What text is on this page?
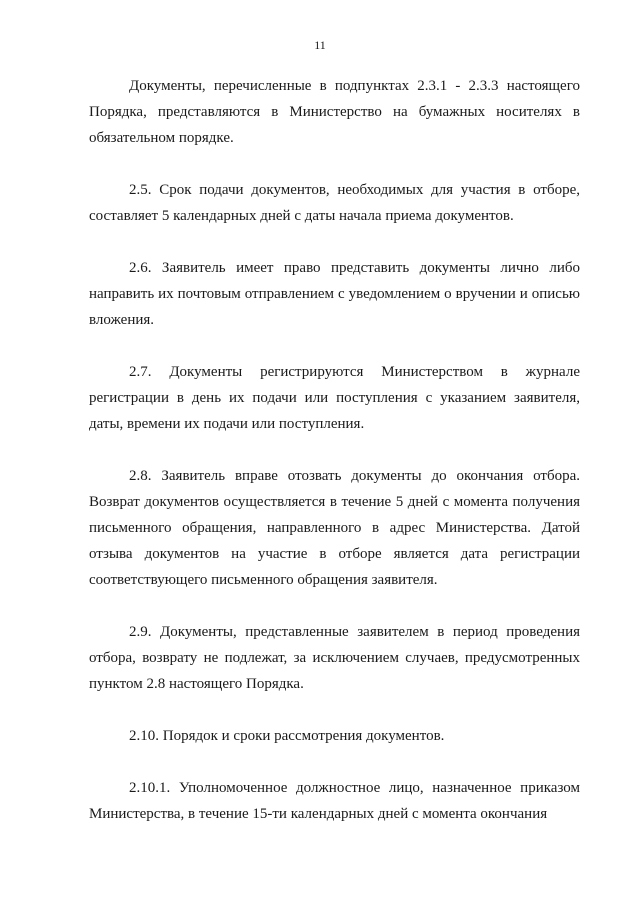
11

Документы, перечисленные в подпунктах 2.3.1 - 2.3.3 настоящего Порядка, представляются в Министерство на бумажных носителях в обязательном порядке.

2.5. Срок подачи документов, необходимых для участия в отборе, составляет 5 календарных дней с даты начала приема документов.

2.6. Заявитель имеет право представить документы лично либо направить их почтовым отправлением с уведомлением о вручении и описью вложения.

2.7. Документы регистрируются Министерством в журнале регистрации в день их подачи или поступления с указанием заявителя, даты, времени их подачи или поступления.

2.8. Заявитель вправе отозвать документы до окончания отбора. Возврат документов осуществляется в течение 5 дней с момента получения письменного обращения, направленного в адрес Министерства. Датой отзыва документов на участие в отборе является дата регистрации соответствующего письменного обращения заявителя.

2.9. Документы, представленные заявителем в период проведения отбора, возврату не подлежат, за исключением случаев, предусмотренных пунктом 2.8 настоящего Порядка.

2.10. Порядок и сроки рассмотрения документов.

2.10.1. Уполномоченное должностное лицо, назначенное приказом Министерства, в течение 15-ти календарных дней с момента окончания
